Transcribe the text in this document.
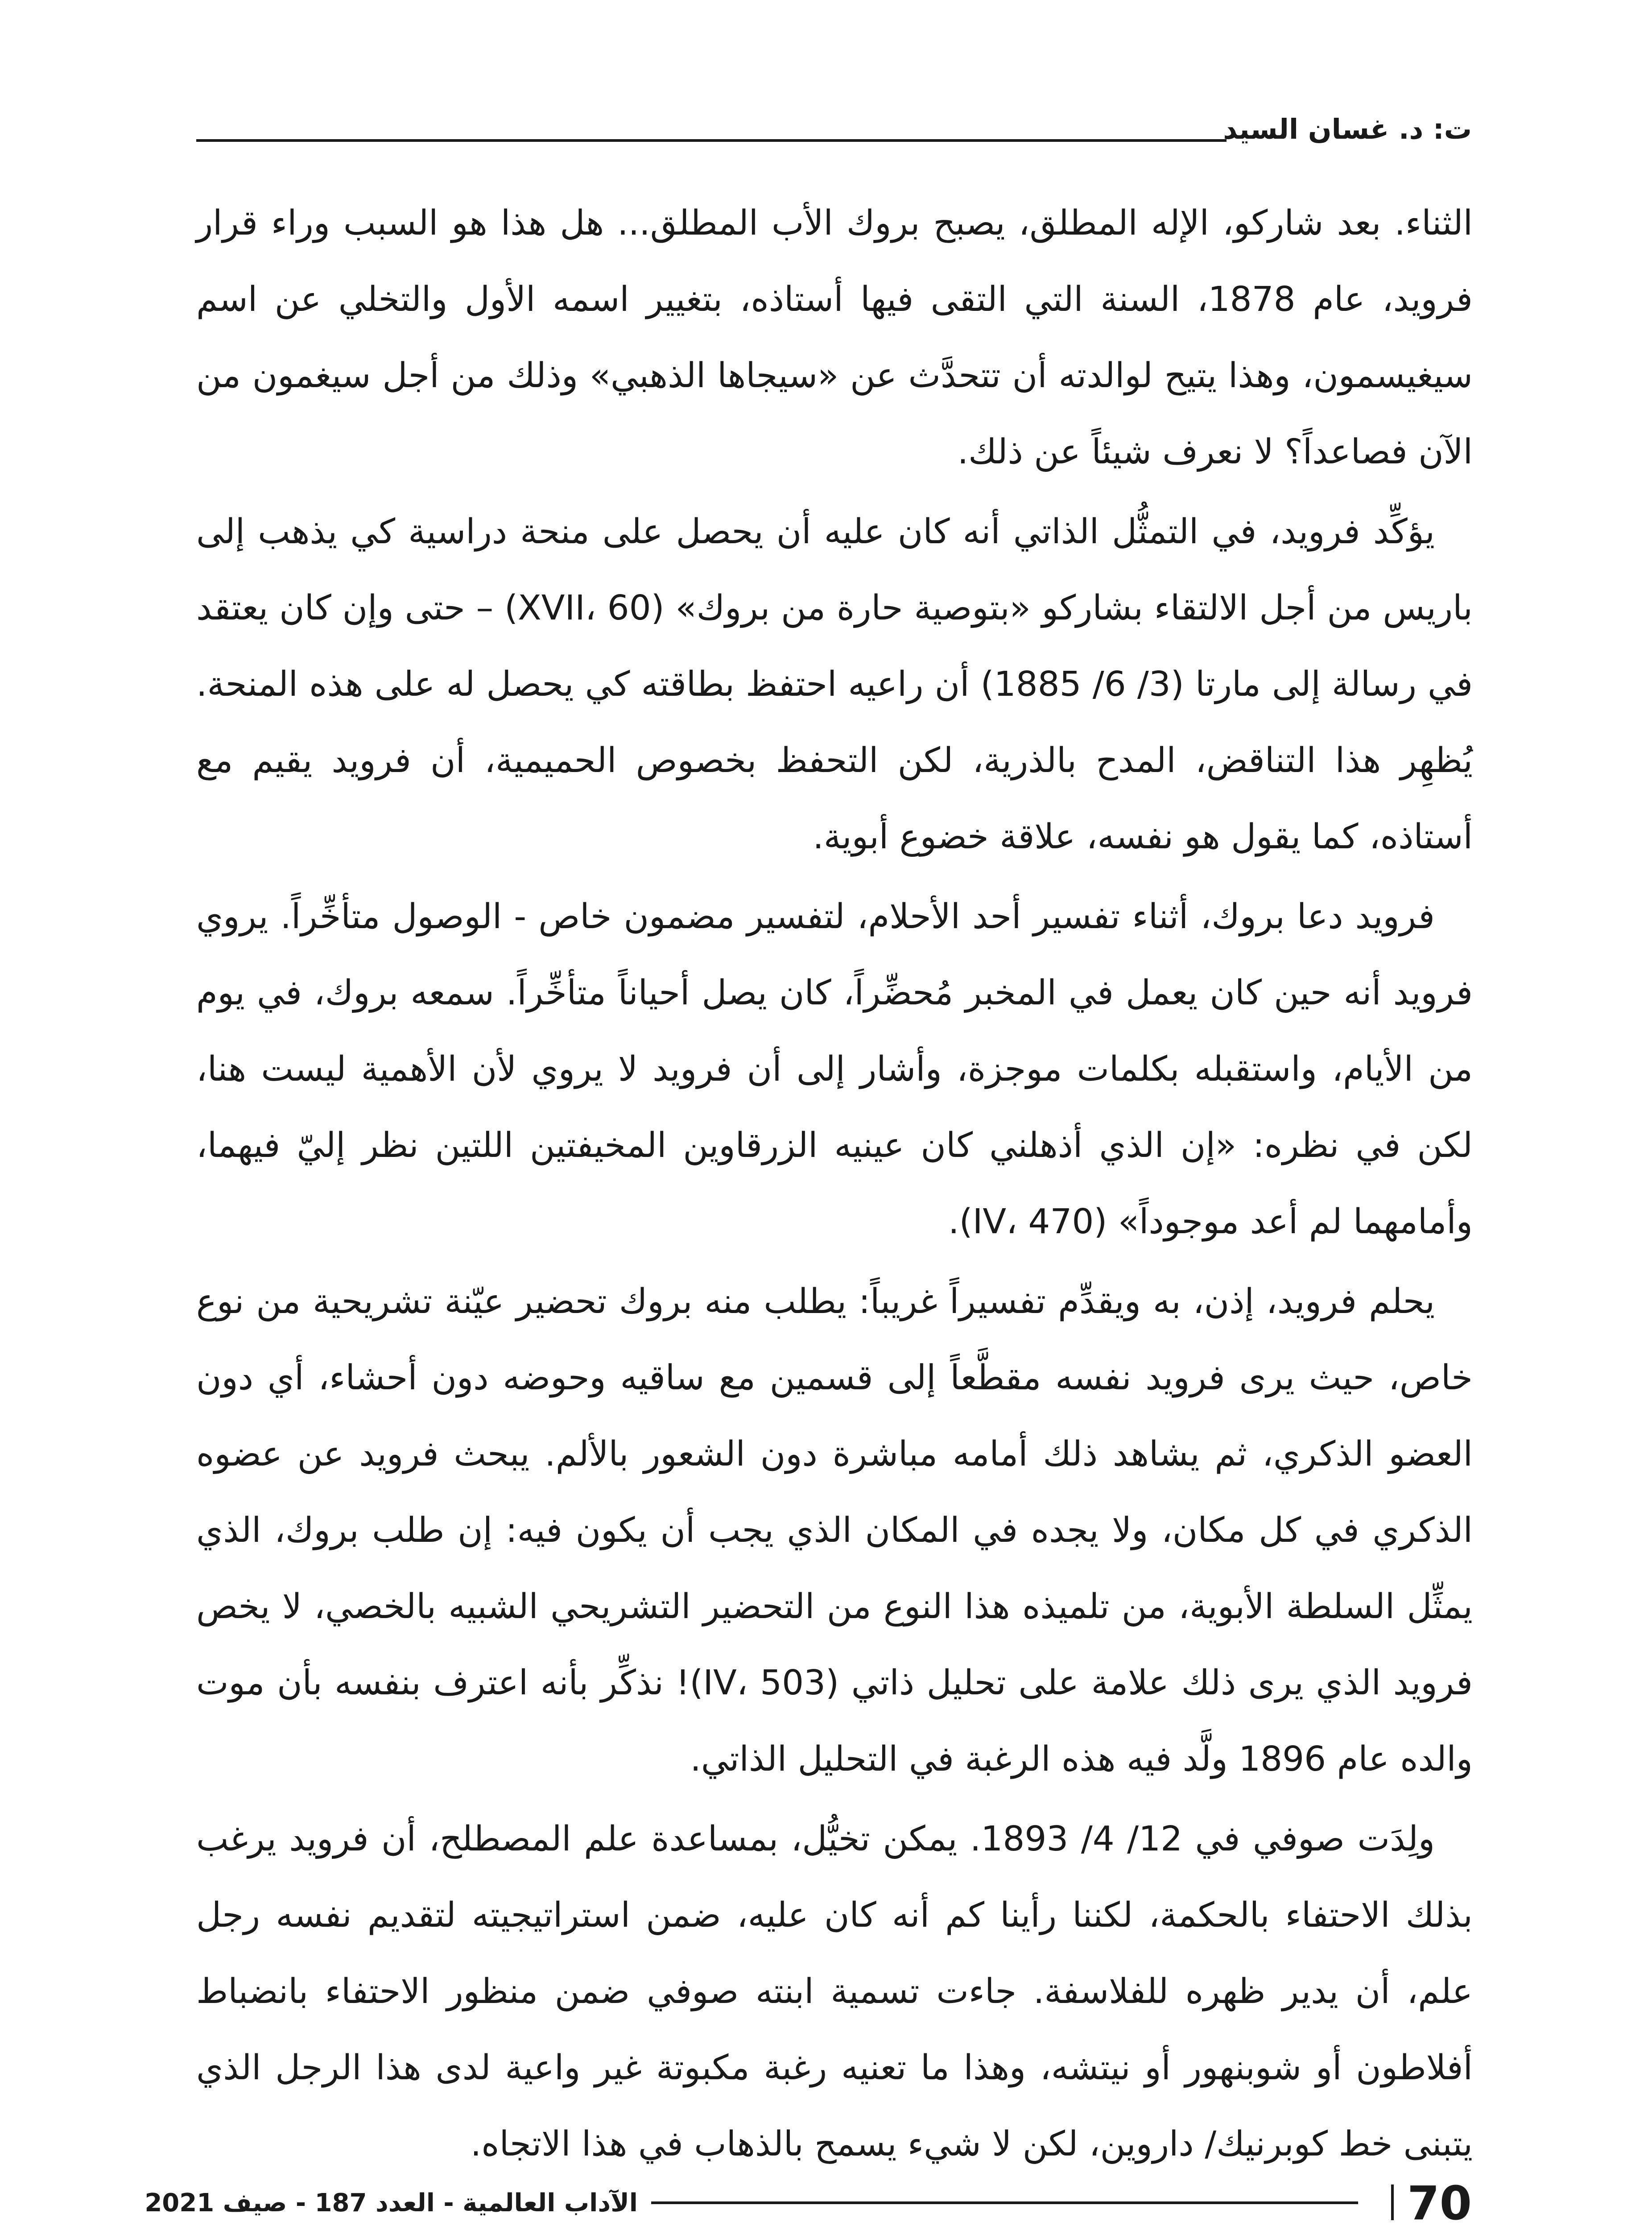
ت: د. غسان السيد

الثناء. بعد شاركو، الإله المطلق، يصبح بروك الأب المطلق... هل هذا هو السبب وراء قرار فرويد، عام 1878، السنة التي التقى فيها أستاذه، بتغيير اسمه الأول والتخلي عن اسم سيغيسمون، وهذا يتيح لوالدته أن تتحدَّث عن «سيجاها الذهبي» وذلك من أجل سيغمون من الآن فصاعداً؟ لا نعرف شيئاً عن ذلك.

يؤكِّد فرويد، في التمثُّل الذاتي أنه كان عليه أن يحصل على منحة دراسية كي يذهب إلى باريس من أجل الالتقاء بشاركو «بتوصية حارة من بروك» (XVII، 60) – حتى وإن كان يعتقد في رسالة إلى مارتا (3/ 6/ 1885) أن راعيه احتفظ بطاقته كي يحصل له على هذه المنحة. يُظهِر هذا التناقض، المدح بالذرية، لكن التحفظ بخصوص الحميمية، أن فرويد يقيم مع أستاذه، كما يقول هو نفسه، علاقة خضوع أبوية.

فرويد دعا بروك، أثناء تفسير أحد الأحلام، لتفسير مضمون خاص - الوصول متأخِّراً. يروي فرويد أنه حين كان يعمل في المخبر مُحضِّراً، كان يصل أحياناً متأخِّراً. سمعه بروك، في يوم من الأيام، واستقبله بكلمات موجزة، وأشار إلى أن فرويد لا يروي لأن الأهمية ليست هنا، لكن في نظره: «إن الذي أذهلني كان عينيه الزرقاوين المخيفتين اللتين نظر إليّ فيهما، وأمامهما لم أعد موجوداً» (IV، 470).

يحلم فرويد، إذن، به ويقدِّم تفسيراً غريباً: يطلب منه بروك تحضير عيّنة تشريحية من نوع خاص، حيث يرى فرويد نفسه مقطَّعاً إلى قسمين مع ساقيه وحوضه دون أحشاء، أي دون العضو الذكري، ثم يشاهد ذلك أمامه مباشرة دون الشعور بالألم. يبحث فرويد عن عضوه الذكري في كل مكان، ولا يجده في المكان الذي يجب أن يكون فيه: إن طلب بروك، الذي يمثِّل السلطة الأبوية، من تلميذه هذا النوع من التحضير التشريحي الشبيه بالخصي، لا يخص فرويد الذي يرى ذلك علامة على تحليل ذاتي (IV، 503)! نذكِّر بأنه اعترف بنفسه بأن موت والده عام 1896 ولَّد فيه هذه الرغبة في التحليل الذاتي.

ولِدَت صوفي في 12/ 4/ 1893. يمكن تخيُّل، بمساعدة علم المصطلح، أن فرويد يرغب بذلك الاحتفاء بالحكمة، لكننا رأينا كم أنه كان عليه، ضمن استراتيجيته لتقديم نفسه رجل علم، أن يدير ظهره للفلاسفة. جاءت تسمية ابنته صوفي ضمن منظور الاحتفاء بانضباط أفلاطون أو شوبنهور أو نيتشه، وهذا ما تعنيه رغبة مكبوتة غير واعية لدى هذا الرجل الذي يتبنى خط كوبرنيك/ داروين، لكن لا شيء يسمح بالذهاب في هذا الاتجاه.

70
الآداب العالمية - العدد 187 - صيف 2021
